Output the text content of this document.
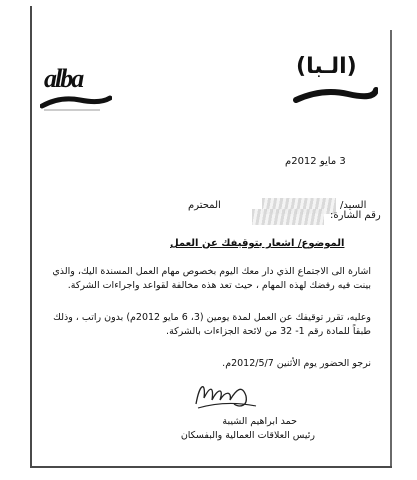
alba	(الـبا)
3 مايو 2012م
السيد/
المحترم
رقم الشارة:
الموضوع/ اشعار بتوقيفك عن العمل
اشارة الى الاجتماع الذي دار معك اليوم بخصوص مهام العمل المسندة اليك، والذي
بينت فيه رفضك لهذه المهام ، حيث تعد هذه مخالفة لقواعد واجراءات الشركة.
وعليه، تقرر توقيفك عن العمل لمدة يومين (3، 6 مايو 2012م) بدون راتب ، وذلك
طبقاً للمادة رقم 1- 32 من لائحة الجزاءات بالشركة.
نرجو الحضور يوم الأثنين 2012/5/7م.
حمد ابراهيم الشيبة
رئيس العلاقات العمالية والبفسكان
